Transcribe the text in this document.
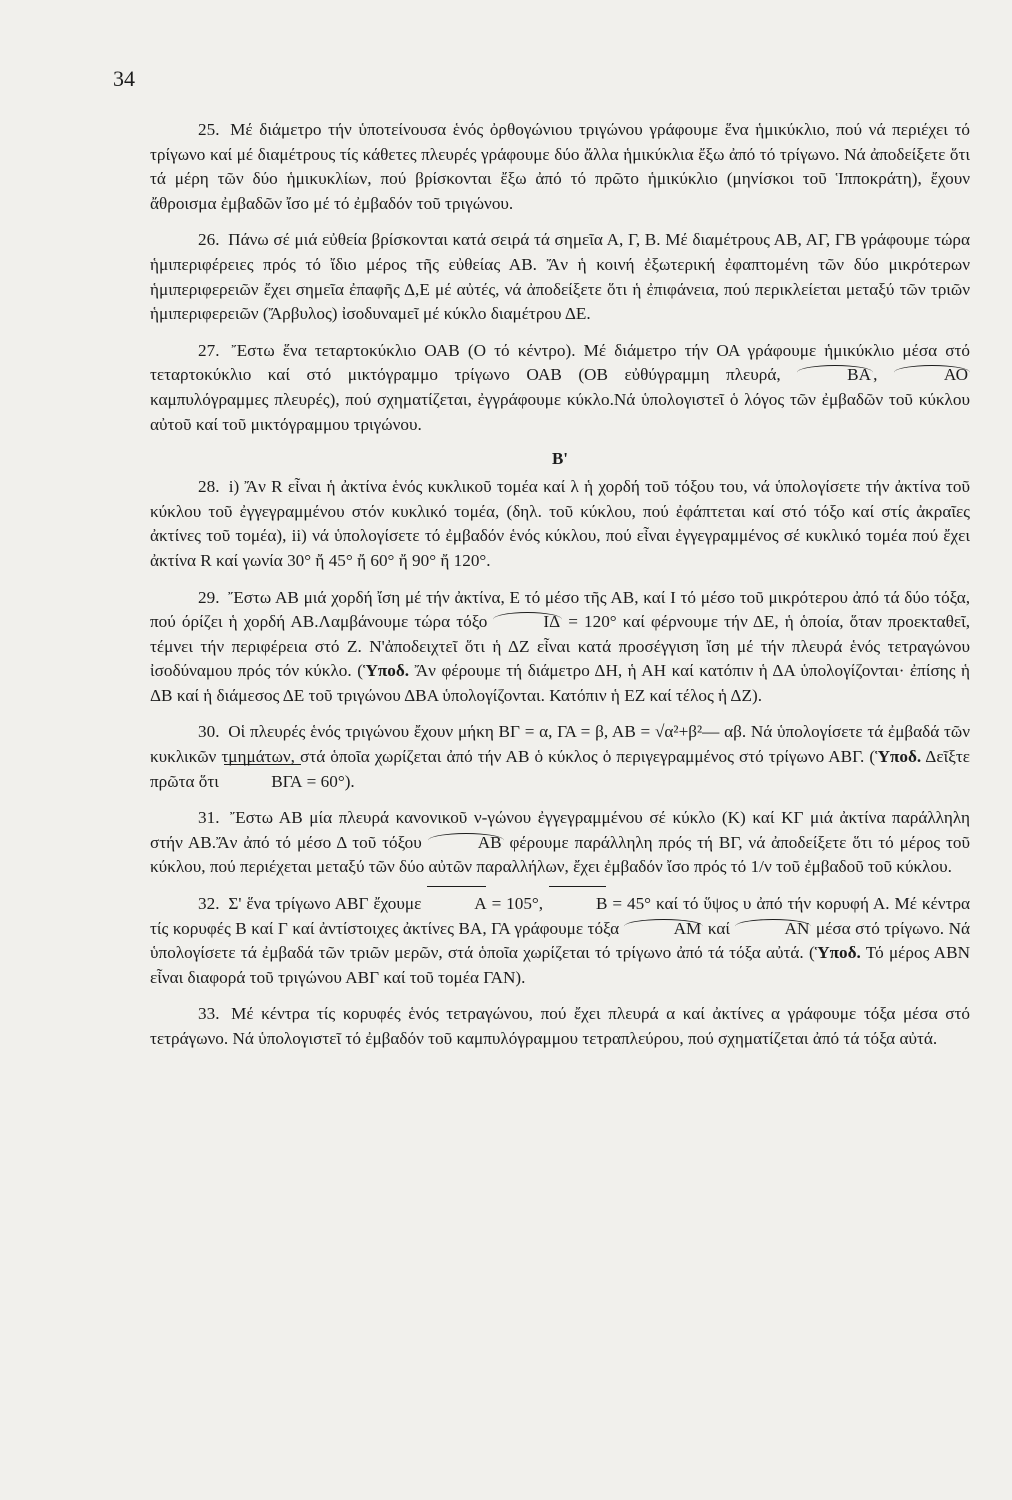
34

25. Μέ διάμετρο τήν ὑποτείνουσα ἑνός ὀρθογώνιου τριγώνου γράφουμε ἕνα ἡμικύκλιο, πού νά περιέχει τό τρίγωνο καί μέ διαμέτρους τίς κάθετες πλευρές γράφουμε δύο ἄλλα ἡμικύκλια ἔξω ἀπό τό τρίγωνο. Νά ἀποδείξετε ὅτι τά μέρη τῶν δύο ἡμικυκλίων, πού βρίσκονται ἔξω ἀπό τό πρῶτο ἡμικύκλιο (μηνίσκοι τοῦ Ἱπποκράτη), ἔχουν ἄθροισμα ἐμβαδῶν ἴσο μέ τό ἐμβαδόν τοῦ τριγώνου.

26. Πάνω σέ μιά εὐθεία βρίσκονται κατά σειρά τά σημεῖα Α, Γ, Β. Μέ διαμέτρους ΑΒ, ΑΓ, ΓΒ γράφουμε τώρα ἡμιπεριφέρειες πρός τό ἴδιο μέρος τῆς εὐθείας ΑΒ. Ἄν ἡ κοινή ἐξωτερική ἐφαπτομένη τῶν δύο μικρότερων ἡμιπεριφερειῶν ἔχει σημεῖα ἐπαφῆς Δ,Ε μέ αὐτές, νά ἀποδείξετε ὅτι ἡ ἐπιφάνεια, πού περικλείεται μεταξύ τῶν τριῶν ἡμιπεριφερειῶν (Ἄρβυλος) ἰσοδυναμεῖ μέ κύκλο διαμέτρου ΔΕ.

27. Ἔστω ἕνα τεταρτοκύκλιο ΟΑΒ (Ο τό κέντρο). Μέ διάμετρο τήν ΟΑ γράφουμε ἡμικύκλιο μέσα στό τεταρτοκύκλιο καί στό μικτόγραμμο τρίγωνο ΟΑΒ (ΟΒ εὐθύγραμμη πλευρά,	ΒΑ ,	ΑΟ καμπυλόγραμμες πλευρές), πού σχηματίζεται, ἐγγράφουμε κύκλο.Νά ὑπολογιστεῖ ὁ λόγος τῶν ἐμβαδῶν τοῦ κύκλου αὐτοῦ καί τοῦ μικτόγραμμου τριγώνου.

Β'

28. i) Ἄν R εἶναι ἡ ἀκτίνα ἑνός κυκλικοῦ τομέα καί λ ἡ χορδή τοῦ τόξου του, νά ὑπολογίσετε τήν ἀκτίνα τοῦ κύκλου τοῦ ἐγγεγραμμένου στόν κυκλικό τομέα, (δηλ. τοῦ κύκλου, πού ἐφάπτεται καί στό τόξο καί στίς ἀκραῖες ἀκτίνες τοῦ τομέα), ii) νά ὑπολογίσετε τό ἐμβαδόν ἑνός κύκλου, πού εἶναι ἐγγεγραμμένος σέ κυκλικό τομέα πού ἔχει ἀκτίνα R καί γωνία 30° ἤ 45° ἤ 60° ἤ 90° ἤ 120°.

29. Ἔστω ΑΒ μιά χορδή ἴση μέ τήν ἀκτίνα, Ε τό μέσο τῆς ΑΒ, καί Ι τό μέσο τοῦ μικρότερου ἀπό τά δύο τόξα, πού όρίζει ἡ χορδή ΑΒ.Λαμβάνουμε τώρα τόξο	ΙΔ = 120° καί φέρνουμε τήν ΔΕ, ἡ ὁποία, ὅταν προεκταθεῖ, τέμνει τήν περιφέρεια στό Ζ. Ν'ἀποδειχτεῖ ὅτι ἡ ΔΖ εἶναι κατά προσέγγιση ἴση μέ τήν πλευρά ἑνός τετραγώνου ἰσοδύναμου πρός τόν κύκλο. (Ὑποδ. Ἄν φέρουμε τή διάμετρο ΔΗ, ἡ ΑΗ καί κατόπιν ἡ ΔΑ ὑπολογίζονται· ἐπίσης ἡ ΔΒ καί ἡ διάμεσος ΔΕ τοῦ τριγώνου ΔΒΑ ὑπολογίζονται. Κατόπιν ἡ ΕΖ καί τέλος ἡ ΔΖ).

30. Οἱ πλευρές ἑνός τριγώνου ἔχουν μήκη ΒΓ = α, ΓΑ = β, ΑΒ = √α²+β²— αβ. Νά ὑπολογίσετε τά ἐμβαδά τῶν κυκλικῶν τμημάτων, στά ὁποῖα χωρίζεται ἀπό τήν ΑΒ ὁ κύκλος ὁ περιγεγραμμένος στό τρίγωνο ΑΒΓ. (Ὑποδ. Δεῖξτε πρῶτα ὅτι	ΒΓΑ = 60°).

31. Ἔστω ΑΒ μία πλευρά κανονικοῦ ν-γώνου ἐγγεγραμμένου σέ κύκλο (Κ) καί ΚΓ μιά ἀκτίνα παράλληλη στήν ΑΒ.Ἄν ἀπό τό μέσο Δ τοῦ τόξου	ΑΒ φέρουμε παράλληλη πρός τή ΒΓ, νά ἀποδείξετε ὅτι τό μέρος τοῦ κύκλου, πού περιέχεται μεταξύ τῶν δύο αὐτῶν παραλλήλων, ἔχει ἐμβαδόν ἴσο πρός τό 1/ν τοῦ ἐμβαδοῦ τοῦ κύκλου.

32. Σ' ἕνα τρίγωνο ΑΒΓ ἔχουμε	Α = 105°,	Β = 45° καί τό ὕψος υ ἀπό τήν κορυφή Α. Μέ κέντρα τίς κορυφές Β καί Γ καί ἀντίστοιχες ἀκτίνες ΒΑ, ΓΑ γράφουμε τόξα	ΑΜ καί	ΑΝ μέσα στό τρίγωνο. Νά ὑπολογίσετε τά ἐμβαδά τῶν τριῶν μερῶν, στά ὁποῖα χωρίζεται τό τρίγωνο ἀπό τά τόξα αὐτά. (Ὑποδ. Τό μέρος ΑΒΝ εἶναι διαφορά τοῦ τριγώνου ΑΒΓ καί τοῦ τομέα ΓΑΝ).

33. Μέ κέντρα τίς κορυφές ἑνός τετραγώνου, πού ἔχει πλευρά α καί ἀκτίνες α γράφουμε τόξα μέσα στό τετράγωνο. Νά ὑπολογιστεῖ τό ἐμβαδόν τοῦ καμπυλόγραμμου τετραπλεύρου, πού σχηματίζεται ἀπό τά τόξα αὐτά.
